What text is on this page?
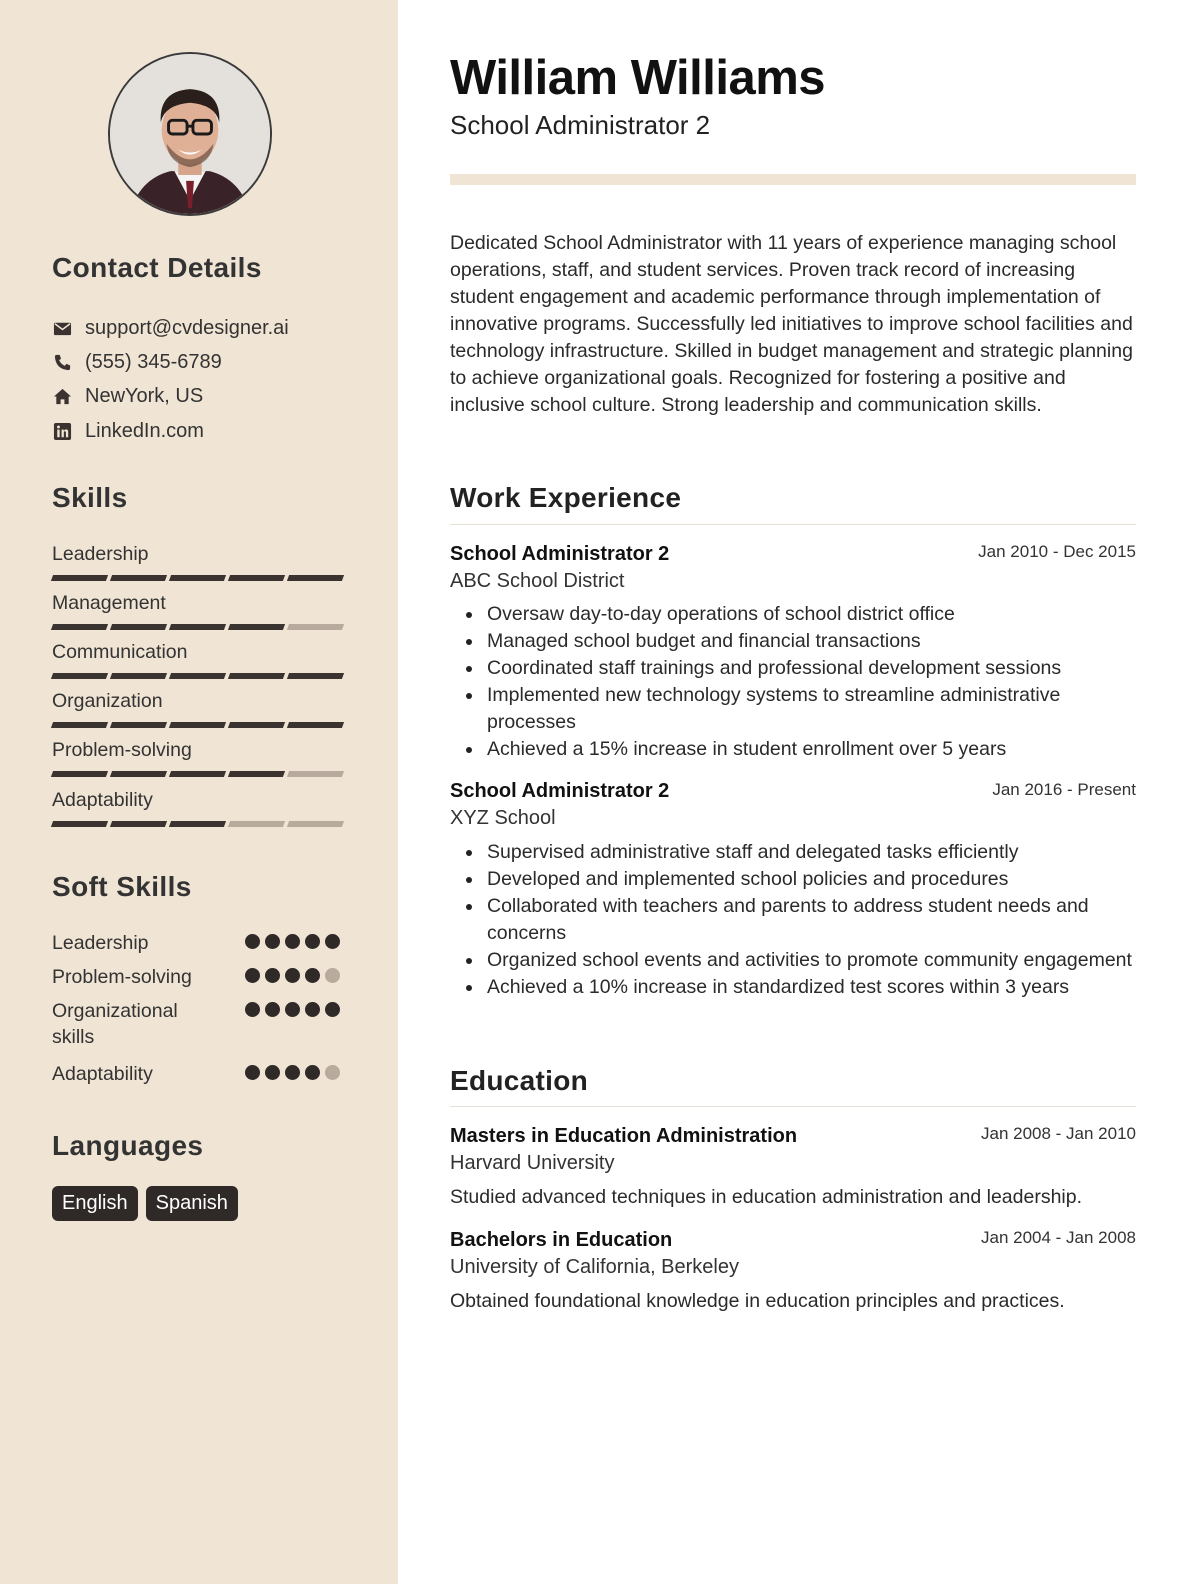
Contact Details
support@cvdesigner.ai
(555) 345-6789
NewYork, US
LinkedIn.com
Skills
Leadership
Management
Communication
Organization
Problem-solving
Adaptability
Soft Skills
Leadership
Problem-solving
Organizational skills
Adaptability
Languages
English	Spanish
William Williams
School Administrator 2
Dedicated School Administrator with 11 years of experience managing school operations, staff, and student services. Proven track record of increasing student engagement and academic performance through implementation of innovative programs. Successfully led initiatives to improve school facilities and technology infrastructure. Skilled in budget management and strategic planning to achieve organizational goals. Recognized for fostering a positive and inclusive school culture. Strong leadership and communication skills.
Work Experience
School Administrator 2	Jan 2010 - Dec 2015
ABC School District
Oversaw day-to-day operations of school district office
Managed school budget and financial transactions
Coordinated staff trainings and professional development sessions
Implemented new technology systems to streamline administrative processes
Achieved a 15% increase in student enrollment over 5 years
School Administrator 2	Jan 2016 - Present
XYZ School
Supervised administrative staff and delegated tasks efficiently
Developed and implemented school policies and procedures
Collaborated with teachers and parents to address student needs and concerns
Organized school events and activities to promote community engagement
Achieved a 10% increase in standardized test scores within 3 years
Education
Masters in Education Administration	Jan 2008 - Jan 2010
Harvard University
Studied advanced techniques in education administration and leadership.
Bachelors in Education	Jan 2004 - Jan 2008
University of California, Berkeley
Obtained foundational knowledge in education principles and practices.
